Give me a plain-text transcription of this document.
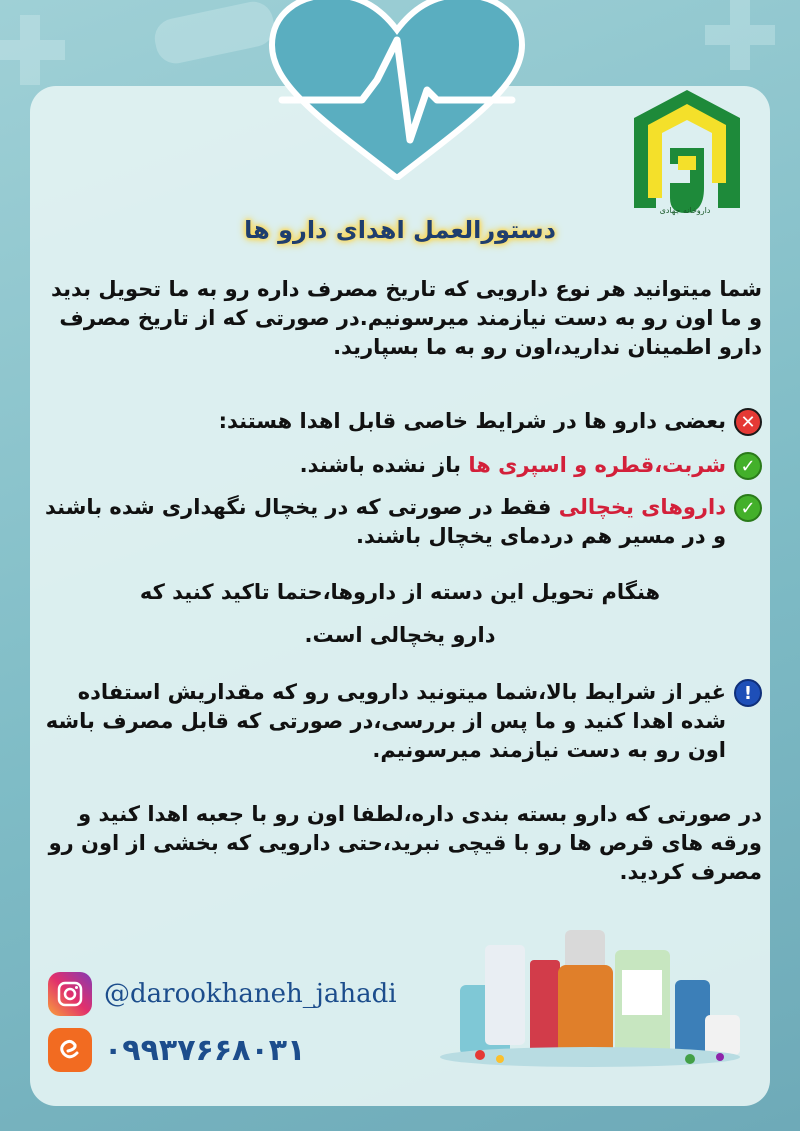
داروخانه جهادی
دستورالعمل اهدای دارو ها
شما میتوانید هر نوع دارویی که تاریخ مصرف داره رو به ما تحویل بدید و ما اون رو به دست نیازمند میرسونیم.در صورتی که از تاریخ مصرف دارو اطمینان ندارید،اون رو به ما بسپارید.
✕
بعضی دارو ها در شرایط خاصی قابل اهدا هستند:
✓
شربت،قطره و اسپری ها باز نشده باشند.
✓
داروهای یخچالی فقط در صورتی که در یخچال نگهداری شده باشند و در مسیر هم دردمای یخچال باشند.
هنگام تحویل این دسته از داروها،حتما تاکید کنید که
دارو یخچالی است.
!
غیر از شرایط بالا،شما میتونید دارویی رو که مقداریش استفاده شده اهدا کنید و ما پس از بررسی،در صورتی که قابل مصرف باشه اون رو به دست نیازمند میرسونیم.
در صورتی که دارو بسته بندی داره،لطفا اون رو با جعبه اهدا کنید و ورقه های قرص ها رو با قیچی نبرید،حتی دارویی که بخشی از اون رو مصرف کردید.
@darookhaneh_jahadi
۰۹۹۳۷۶۶۸۰۳۱
